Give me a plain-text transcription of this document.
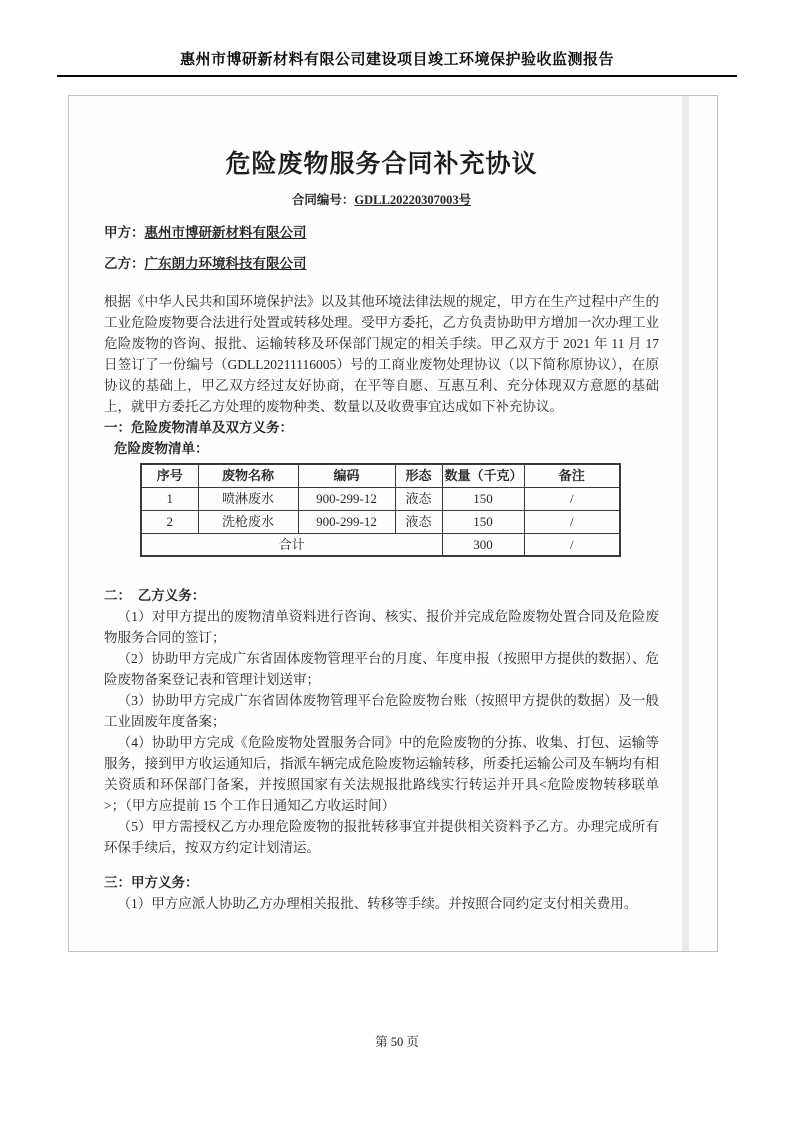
惠州市博研新材料有限公司建设项目竣工环境保护验收监测报告
危险废物服务合同补充协议
合同编号：GDLL20220307003号
甲方：惠州市博研新材料有限公司
乙方：广东朗力环境科技有限公司

根据《中华人民共和国环境保护法》以及其他环境法律法规的规定，甲方在生产过程中产生的工业危险废物要合法进行处置或转移处理。受甲方委托，乙方负责协助甲方增加一次办理工业危险废物的咨询、报批、运输转移及环保部门规定的相关手续。甲乙双方于 2021 年 11 月 17 日签订了一份编号（GDLL20211116005）号的工商业废物处理协议（以下简称原协议），在原协议的基础上，甲乙双方经过友好协商，在平等自愿、互惠互利、充分体现双方意愿的基础上，就甲方委托乙方处理的废物种类、数量以及收费事宜达成如下补充协议。

一：危险废物清单及双方义务：
危险废物清单：
序号	废物名称	编码	形态	数量（千克）	备注
1	喷淋废水	900-299-12	液态	150	/
2	洗枪废水	900-299-12	液态	150	/
合计				300	/
二：　乙方义务：

（1）对甲方提出的废物清单资料进行咨询、核实、报价并完成危险废物处置合同及危险废物服务合同的签订；

（2）协助甲方完成广东省固体废物管理平台的月度、年度申报（按照甲方提供的数据）、危险废物备案登记表和管理计划送审；

（3）协助甲方完成广东省固体废物管理平台危险废物台账（按照甲方提供的数据）及一般工业固废年度备案；

（4）协助甲方完成《危险废物处置服务合同》中的危险废物的分拣、收集、打包、运输等服务，接到甲方收运通知后，指派车辆完成危险废物运输转移，所委托运输公司及车辆均有相关资质和环保部门备案，并按照国家有关法规报批路线实行转运并开具<危险废物转移联单>；（甲方应提前 15 个工作日通知乙方收运时间）

（5）甲方需授权乙方办理危险废物的报批转移事宜并提供相关资料予乙方。办理完成所有环保手续后，按双方约定计划清运。

三：甲方义务：

（1）甲方应派人协助乙方办理相关报批、转移等手续。并按照合同约定支付相关费用。

第 50 页
